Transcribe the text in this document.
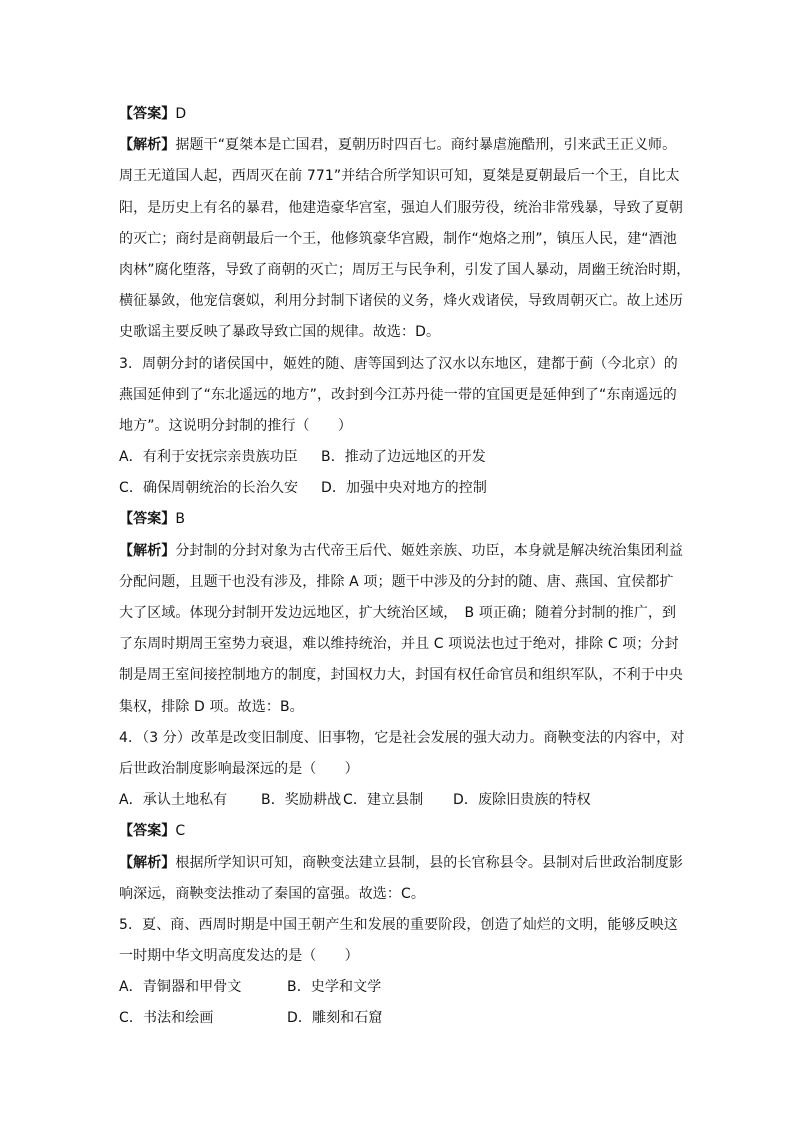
【答案】D
【解析】据题干“夏桀本是亡国君，夏朝历时四百七。商纣暴虐施酷刑，引来武王正义师。
周王无道国人起，西周灭在前 771”并结合所学知识可知，夏桀是夏朝最后一个王，自比太
阳，是历史上有名的暴君，他建造豪华宫室，强迫人们服劳役，统治非常残暴，导致了夏朝
的灭亡；商纣是商朝最后一个王，他修筑豪华宫殿，制作“炮烙之刑”，镇压人民，建“酒池
肉林”腐化堕落，导致了商朝的灭亡；周厉王与民争利，引发了国人暴动，周幽王统治时期，
横征暴敛，他宠信褒姒，利用分封制下诸侯的义务，烽火戏诸侯，导致周朝灭亡。故上述历
史歌谣主要反映了暴政导致亡国的规律。故选：D。
3．周朝分封的诸侯国中，姬姓的随、唐等国到达了汉水以东地区，建都于蓟（今北京）的
燕国延伸到了“东北遥远的地方”，改封到今江苏丹徒一带的宜国更是延伸到了“东南遥远的
地方”。这说明分封制的推行（　　）
A．有利于安抚宗亲贵族功臣 B．推动了边远地区的开发
C．确保周朝统治的长治久安 D．加强中央对地方的控制
【答案】B
【解析】分封制的分封对象为古代帝王后代、姬姓亲族、功臣，本身就是解决统治集团利益
分配问题，且题干也没有涉及，排除 A 项；题干中涉及的分封的随、唐、燕国、宜侯都扩
大了区域。体现分封制开发边远地区，扩大统治区域，　B 项正确；随着分封制的推广，到
了东周时期周王室势力衰退，难以维持统治，并且 C 项说法也过于绝对，排除 C 项；分封
制是周王室间接控制地方的制度，封国权力大，封国有权任命官员和组织军队，不利于中央
集权，排除 D 项。故选：B。
4．（3 分）改革是改变旧制度、旧事物，它是社会发展的强大动力。商鞅变法的内容中，对
后世政治制度影响最深远的是（　　）
A．承认土地私有 B．奖励耕战 C．建立县制 D．废除旧贵族的特权
【答案】C
【解析】根据所学知识可知，商鞅变法建立县制，县的长官称县令。县制对后世政治制度影
响深远，商鞅变法推动了秦国的富强。故选：C。
5．夏、商、西周时期是中国王朝产生和发展的重要阶段，创造了灿烂的文明，能够反映这
一时期中华文明高度发达的是（　　）
A．青铜器和甲骨文	B．史学和文学
C．书法和绘画	D．雕刻和石窟
